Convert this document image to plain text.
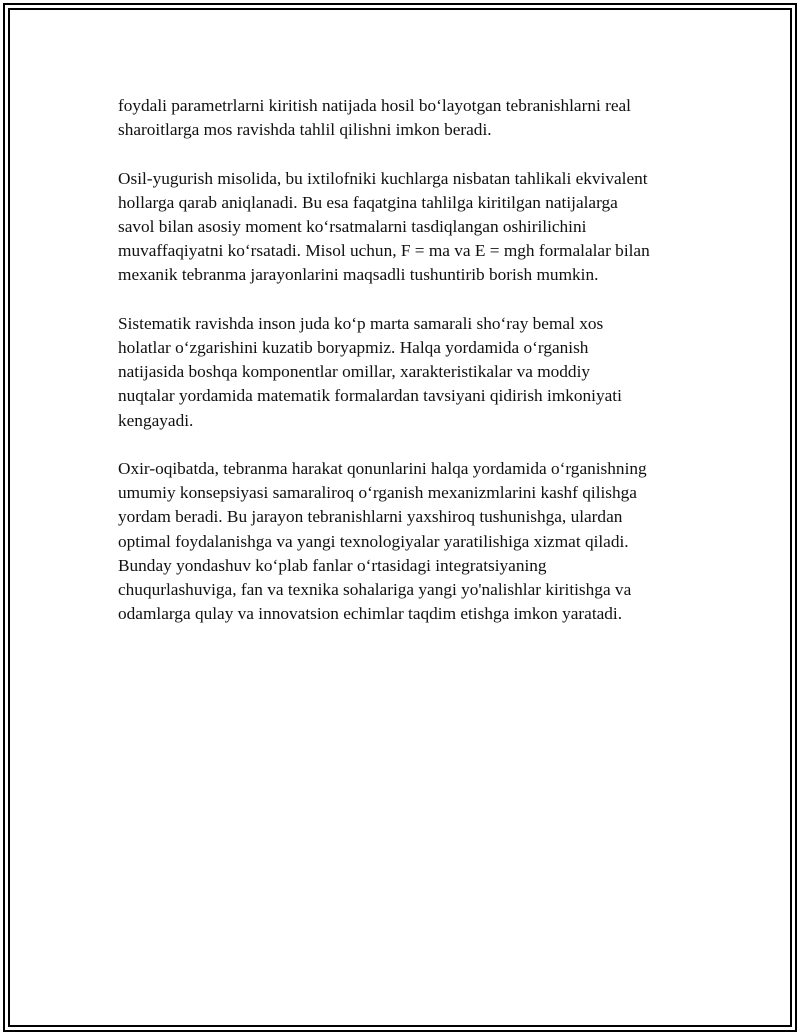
foydali parametrlarni kiritish natijada hosil bo‘layotgan tebranishlarni real
sharoitlarga mos ravishda tahlil qilishni imkon beradi.

Osil-yugurish misolida, bu ixtilofniki kuchlarga nisbatan tahlikali ekvivalent
hollarga qarab aniqlanadi. Bu esa faqatgina tahlilga kiritilgan natijalarga
savol bilan asosiy moment ko‘rsatmalarni tasdiqlangan oshirilichini
muvaffaqiyatni ko‘rsatadi. Misol uchun, F = ma va E = mgh formalalar bilan
mexanik tebranma jarayonlarini maqsadli tushuntirib borish mumkin.

Sistematik ravishda inson juda ko‘p marta samarali sho‘ray bemal xos
holatlar o‘zgarishini kuzatib boryapmiz. Halqa yordamida o‘rganish
natijasida boshqa komponentlar omillar, xarakteristikalar va moddiy
nuqtalar yordamida matematik formalardan tavsiyani qidirish imkoniyati
kengayadi.

Oxir-oqibatda, tebranma harakat qonunlarini halqa yordamida o‘rganishning
umumiy konsepsiyasi samaraliroq o‘rganish mexanizmlarini kashf qilishga
yordam beradi. Bu jarayon tebranishlarni yaxshiroq tushunishga, ulardan
optimal foydalanishga va yangi texnologiyalar yaratilishiga xizmat qiladi.
Bunday yondashuv ko‘plab fanlar o‘rtasidagi integratsiyaning
chuqurlashuviga, fan va texnika sohalariga yangi yo'nalishlar kiritishga va
odamlarga qulay va innovatsion echimlar taqdim etishga imkon yaratadi.
